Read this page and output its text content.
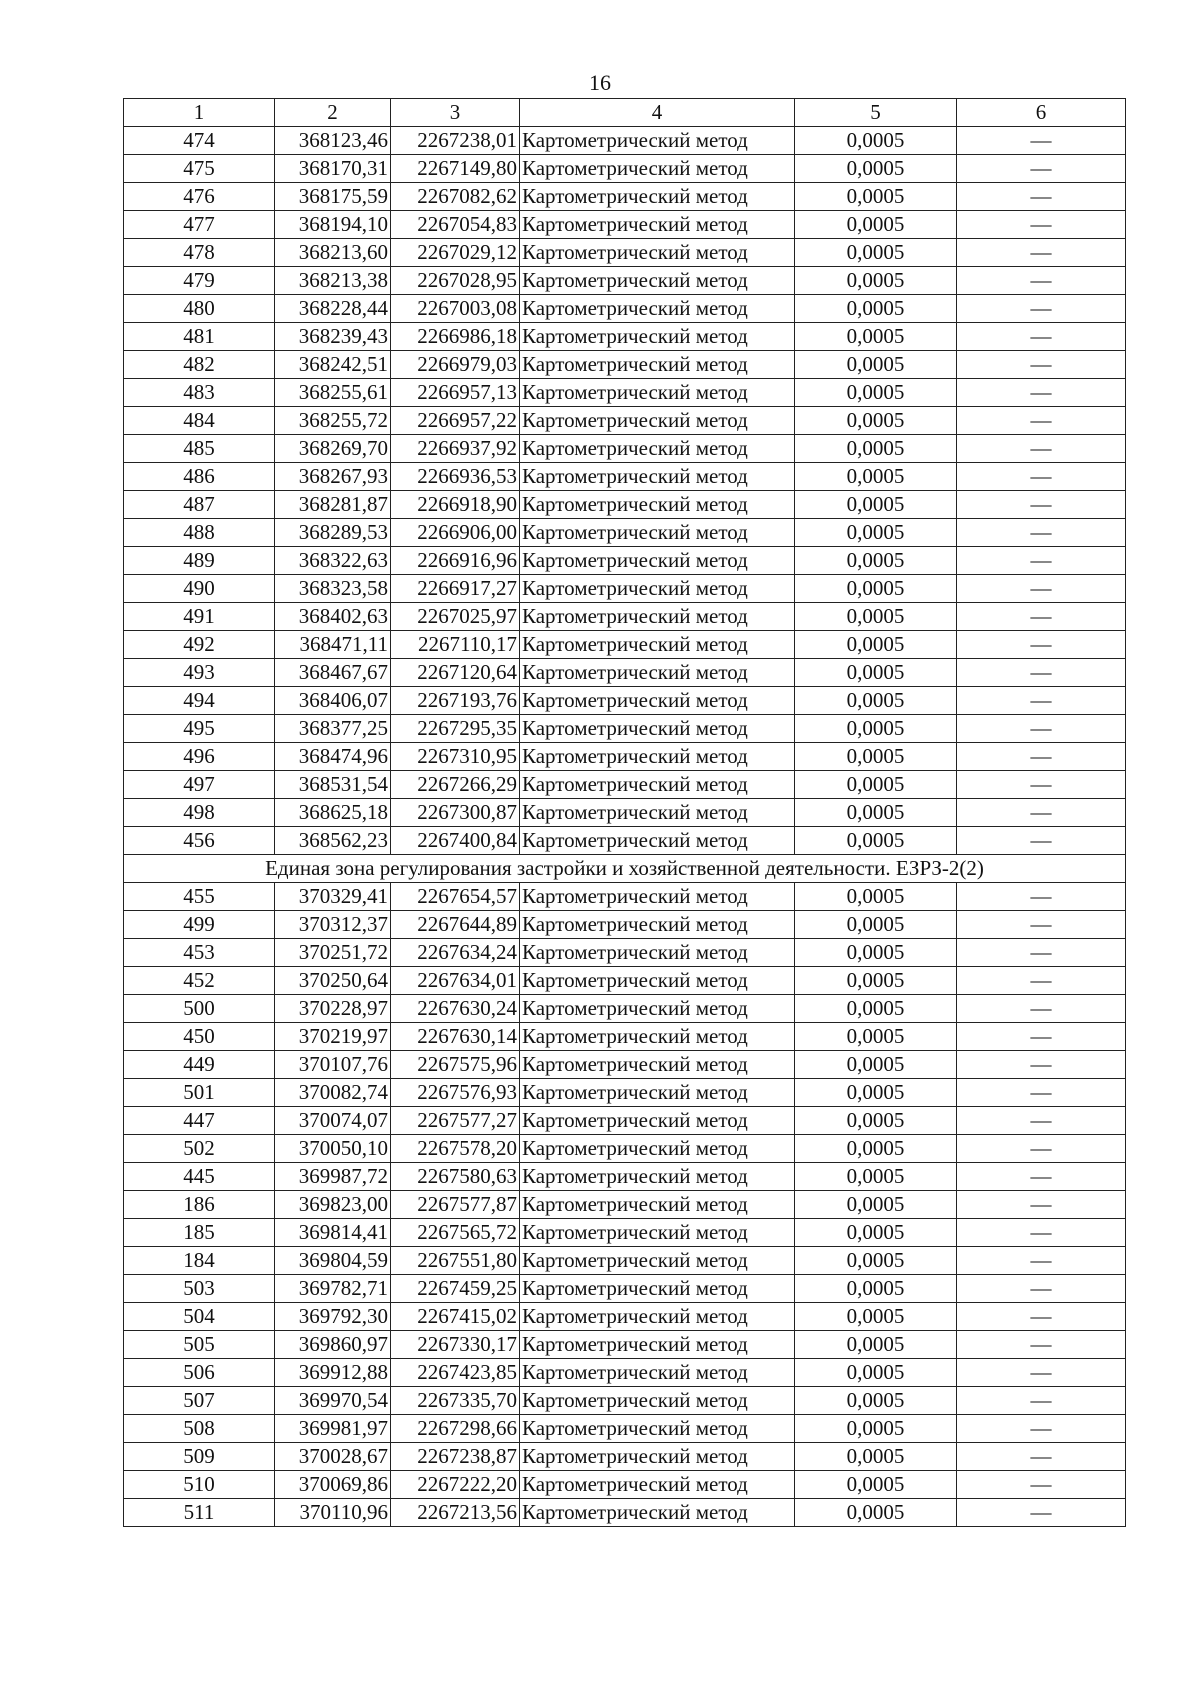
16
1	2	3	4	5	6
474	368123,46	2267238,01	Картометрический метод	0,0005	—
475	368170,31	2267149,80	Картометрический метод	0,0005	—
476	368175,59	2267082,62	Картометрический метод	0,0005	—
477	368194,10	2267054,83	Картометрический метод	0,0005	—
478	368213,60	2267029,12	Картометрический метод	0,0005	—
479	368213,38	2267028,95	Картометрический метод	0,0005	—
480	368228,44	2267003,08	Картометрический метод	0,0005	—
481	368239,43	2266986,18	Картометрический метод	0,0005	—
482	368242,51	2266979,03	Картометрический метод	0,0005	—
483	368255,61	2266957,13	Картометрический метод	0,0005	—
484	368255,72	2266957,22	Картометрический метод	0,0005	—
485	368269,70	2266937,92	Картометрический метод	0,0005	—
486	368267,93	2266936,53	Картометрический метод	0,0005	—
487	368281,87	2266918,90	Картометрический метод	0,0005	—
488	368289,53	2266906,00	Картометрический метод	0,0005	—
489	368322,63	2266916,96	Картометрический метод	0,0005	—
490	368323,58	2266917,27	Картометрический метод	0,0005	—
491	368402,63	2267025,97	Картометрический метод	0,0005	—
492	368471,11	2267110,17	Картометрический метод	0,0005	—
493	368467,67	2267120,64	Картометрический метод	0,0005	—
494	368406,07	2267193,76	Картометрический метод	0,0005	—
495	368377,25	2267295,35	Картометрический метод	0,0005	—
496	368474,96	2267310,95	Картометрический метод	0,0005	—
497	368531,54	2267266,29	Картометрический метод	0,0005	—
498	368625,18	2267300,87	Картометрический метод	0,0005	—
456	368562,23	2267400,84	Картометрический метод	0,0005	—
Единая зона регулирования застройки и хозяйственной деятельности. ЕЗРЗ-2(2)					
455	370329,41	2267654,57	Картометрический метод	0,0005	—
499	370312,37	2267644,89	Картометрический метод	0,0005	—
453	370251,72	2267634,24	Картометрический метод	0,0005	—
452	370250,64	2267634,01	Картометрический метод	0,0005	—
500	370228,97	2267630,24	Картометрический метод	0,0005	—
450	370219,97	2267630,14	Картометрический метод	0,0005	—
449	370107,76	2267575,96	Картометрический метод	0,0005	—
501	370082,74	2267576,93	Картометрический метод	0,0005	—
447	370074,07	2267577,27	Картометрический метод	0,0005	—
502	370050,10	2267578,20	Картометрический метод	0,0005	—
445	369987,72	2267580,63	Картометрический метод	0,0005	—
186	369823,00	2267577,87	Картометрический метод	0,0005	—
185	369814,41	2267565,72	Картометрический метод	0,0005	—
184	369804,59	2267551,80	Картометрический метод	0,0005	—
503	369782,71	2267459,25	Картометрический метод	0,0005	—
504	369792,30	2267415,02	Картометрический метод	0,0005	—
505	369860,97	2267330,17	Картометрический метод	0,0005	—
506	369912,88	2267423,85	Картометрический метод	0,0005	—
507	369970,54	2267335,70	Картометрический метод	0,0005	—
508	369981,97	2267298,66	Картометрический метод	0,0005	—
509	370028,67	2267238,87	Картометрический метод	0,0005	—
510	370069,86	2267222,20	Картометрический метод	0,0005	—
511	370110,96	2267213,56	Картометрический метод	0,0005	—
